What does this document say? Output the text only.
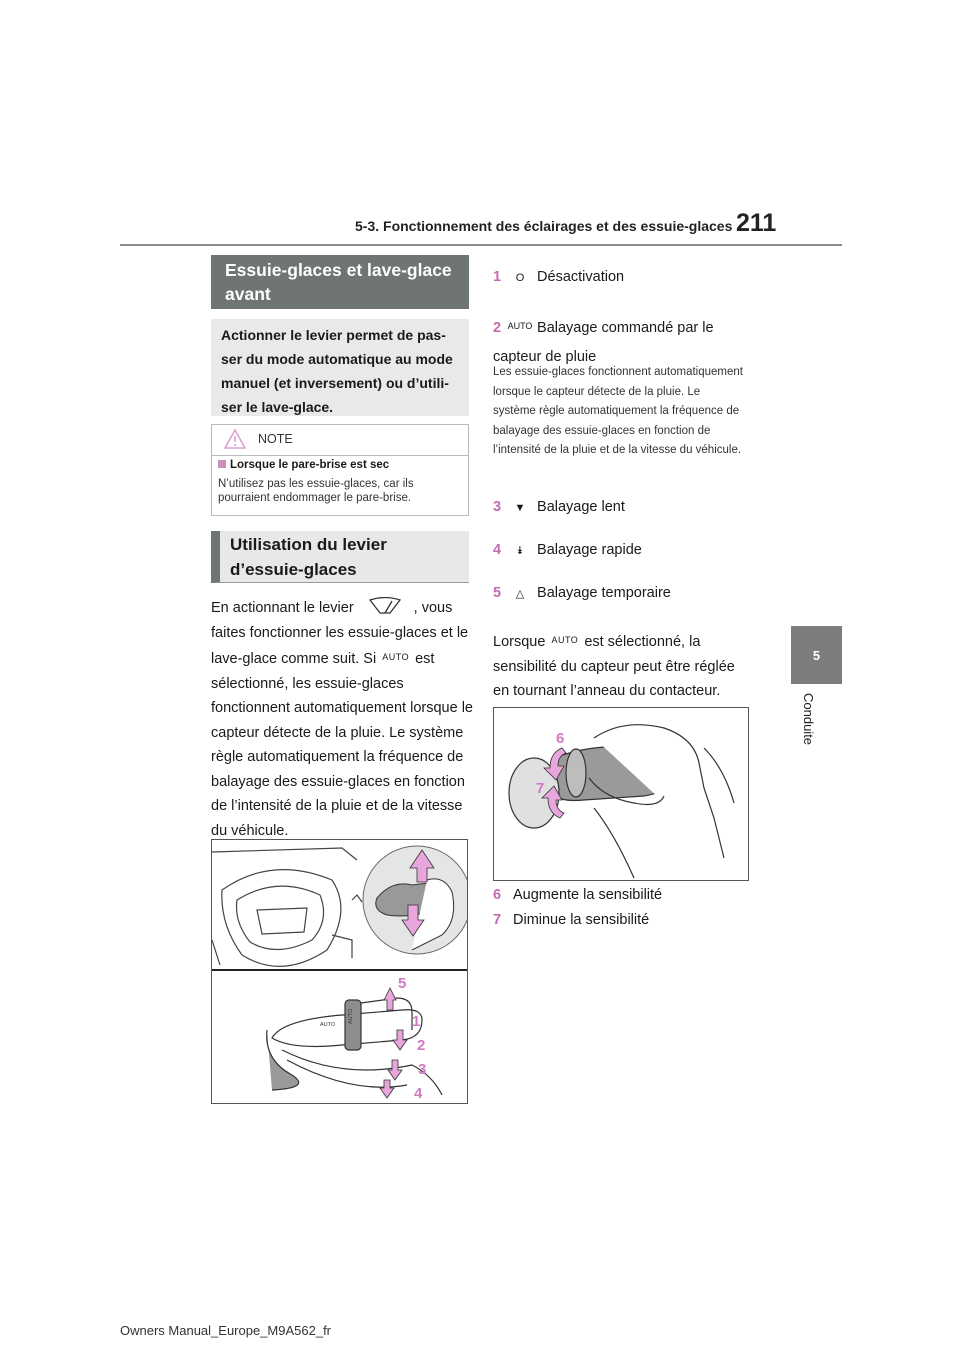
5-3. Fonctionnement des éclairages et des essuie-glaces 211
5
Conduite
Essuie-glaces et lave-glace avant
Actionner le levier permet de pas-
ser du mode automatique au mode
manuel (et inversement) ou d’utili-
ser le lave-glace.
NOTE
Lorsque le pare-brise est sec
N’utilisez pas les essuie-glaces, car ils pourraient endommager le pare-brise.
Utilisation du levier d’essuie-glaces
En actionnant le levier	, vous faites fonctionner les essuie-glaces et le lave-glace comme suit. Si $^{AUTO}$ est sélectionné, les essuie-glaces fonctionnent automatiquement lorsque le capteur détecte de la pluie. Le système règle automatiquement la fréquence de balayage des essuie-glaces en fonction de l’intensité de la pluie et de la vitesse du véhicule.
AUTO
AUTO
5
1
2
3
4
1 O Désactivation
2 AUTO Balayage commandé par le capteur de pluie
Les essuie-glaces fonctionnent automatiquement lorsque le capteur détecte de la pluie. Le système règle automatiquement la fréquence de balayage des essuie-glaces en fonction de l’intensité de la pluie et de la vitesse du véhicule.
3 ▼ Balayage lent
4 ⯯ Balayage rapide
5 △ Balayage temporaire
Lorsque $^{AUTO}$ est sélectionné, la sensibilité du capteur peut être réglée en tournant l’anneau du contacteur.
6
7
6 Augmente la sensibilité
7 Diminue la sensibilité
Owners Manual_Europe_M9A562_fr
